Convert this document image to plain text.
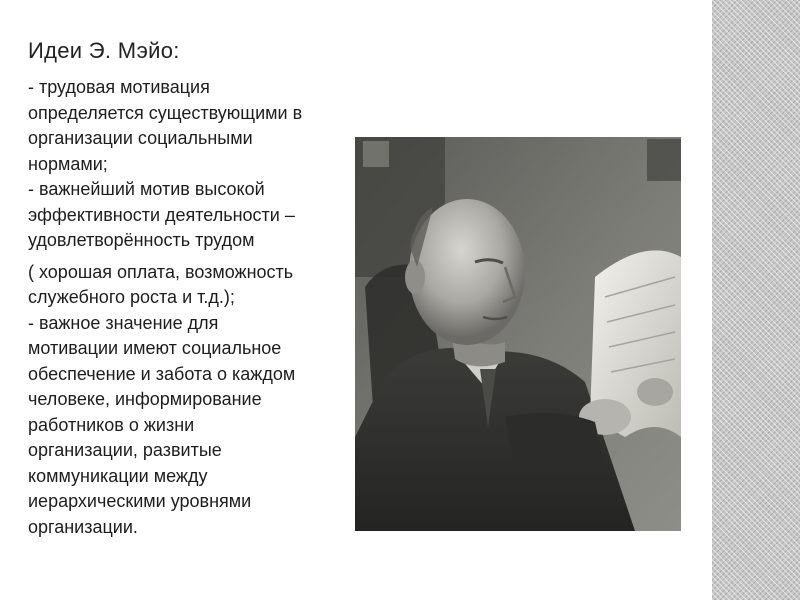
Идеи Э. Мэйо:

- трудовая мотивация
определяется существующими в
организации социальными
нормами;
- важнейший мотив высокой
эффективности деятельности –
удовлетворённость трудом

( хорошая оплата, возможность
служебного роста и т.д.);
- важное значение для
мотивации имеют социальное
обеспечение и забота о каждом
человеке, информирование
работников о жизни
организации, развитые
коммуникации между
иерархическими уровнями
организации.
